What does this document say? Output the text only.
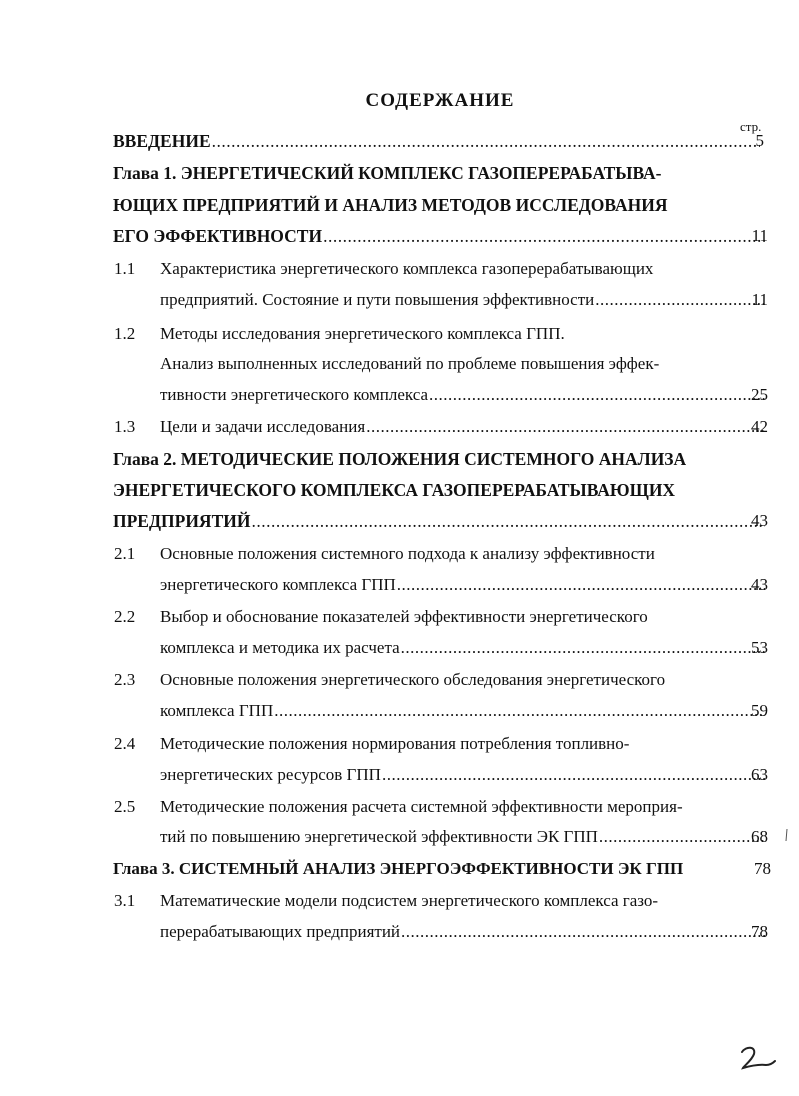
СОДЕРЖАНИЕ
стр.
ВВЕДЕНИЕ .....	5
Глава 1. ЭНЕРГЕТИЧЕСКИЙ КОМПЛЕКС ГАЗОПЕРЕРАБАТЫВА-
ЮЩИХ ПРЕДПРИЯТИЙ И АНАЛИЗ МЕТОДОВ ИССЛЕДОВАНИЯ
ЕГО ЭФФЕКТИВНОСТИ .....	11
1.1 Характеристика энергетического комплекса газоперерабатывающих
предприятий. Состояние и пути повышения эффективности .....	11
1.2 Методы исследования энергетического комплекса ГПП.
Анализ выполненных исследований по проблеме повышения эффек-
тивности энергетического комплекса .....	25
1.3 Цели и задачи исследования .....	42
Глава 2. МЕТОДИЧЕСКИЕ ПОЛОЖЕНИЯ СИСТЕМНОГО АНАЛИЗА
ЭНЕРГЕТИЧЕСКОГО КОМПЛЕКСА ГАЗОПЕРЕРАБАТЫВАЮЩИХ
ПРЕДПРИЯТИЙ .....	43
2.1 Основные положения системного подхода к анализу эффективности
энергетического комплекса ГПП .....	43
2.2 Выбор и обоснование показателей эффективности энергетического
комплекса и методика их расчета .....	53
2.3 Основные положения энергетического обследования энергетического
комплекса ГПП .....	59
2.4 Методические положения нормирования потребления топливно-
энергетических ресурсов ГПП .....	63
2.5 Методические положения расчета системной эффективности мероприя-
тий по повышению энергетической эффективности ЭК ГПП .....	68
Глава 3. СИСТЕМНЫЙ АНАЛИЗ ЭНЕРГОЭФФЕКТИВНОСТИ ЭК ГПП	78
3.1 Математические модели подсистем энергетического комплекса газо-
перерабатывающих предприятий .....	78
